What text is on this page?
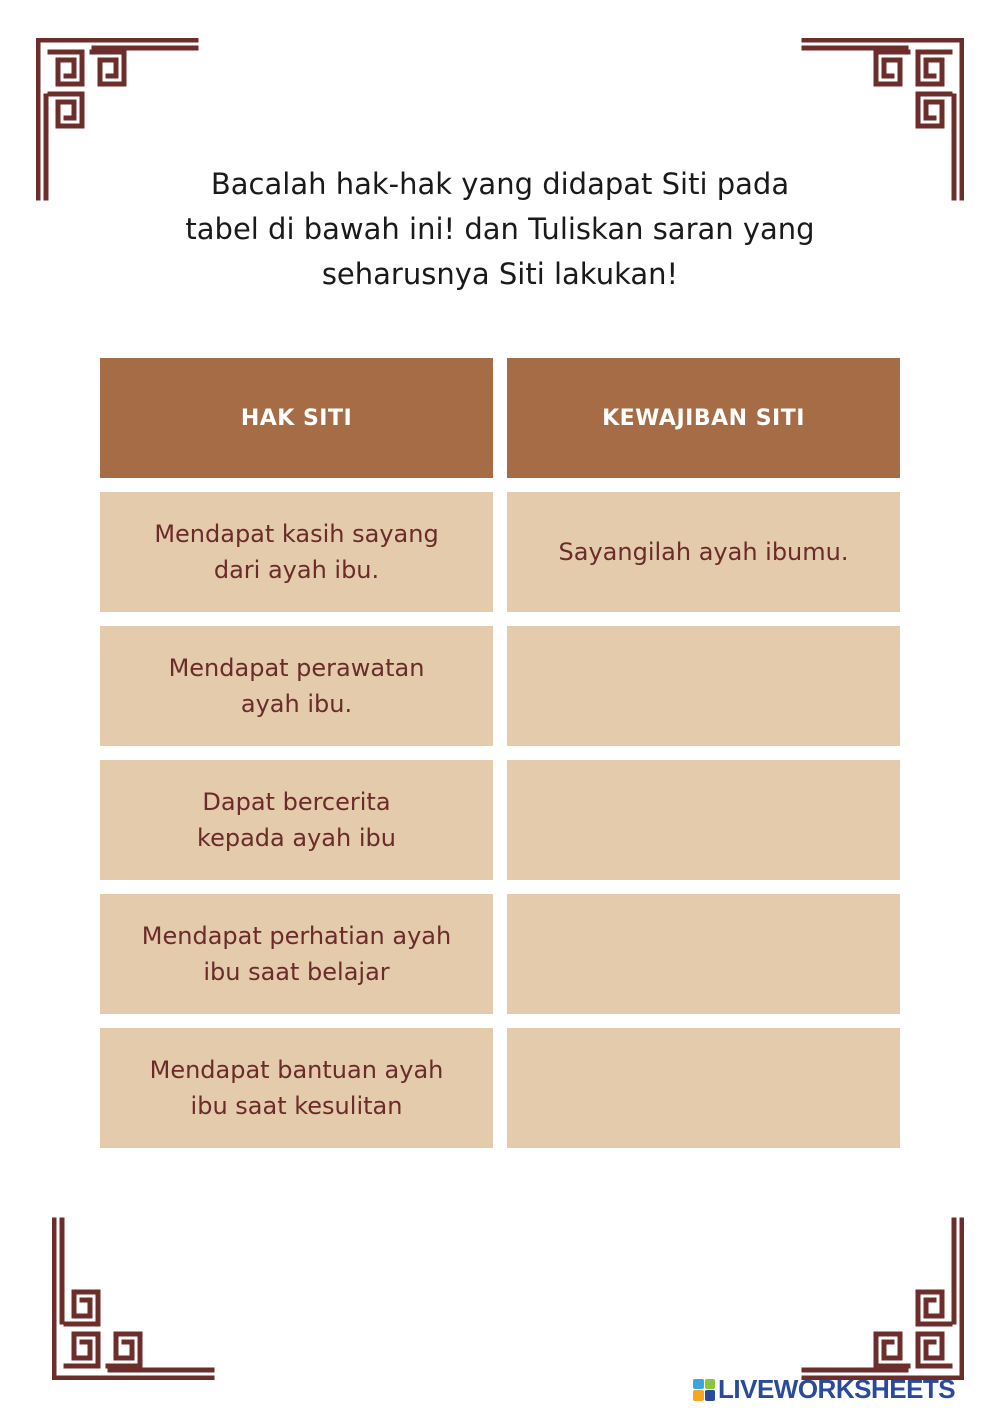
Bacalah hak-hak yang didapat Siti pada
tabel di bawah ini! dan Tuliskan saran yang
seharusnya Siti lakukan!
HAK SITI	KEWAJIBAN SITI
Mendapat kasih sayang
dari ayah ibu.
Sayangilah ayah ibumu.
Mendapat perawatan
ayah ibu.
Dapat bercerita
kepada ayah ibu
Mendapat perhatian ayah
ibu saat belajar
Mendapat bantuan ayah
ibu saat kesulitan
LIVEWORKSHEETS
